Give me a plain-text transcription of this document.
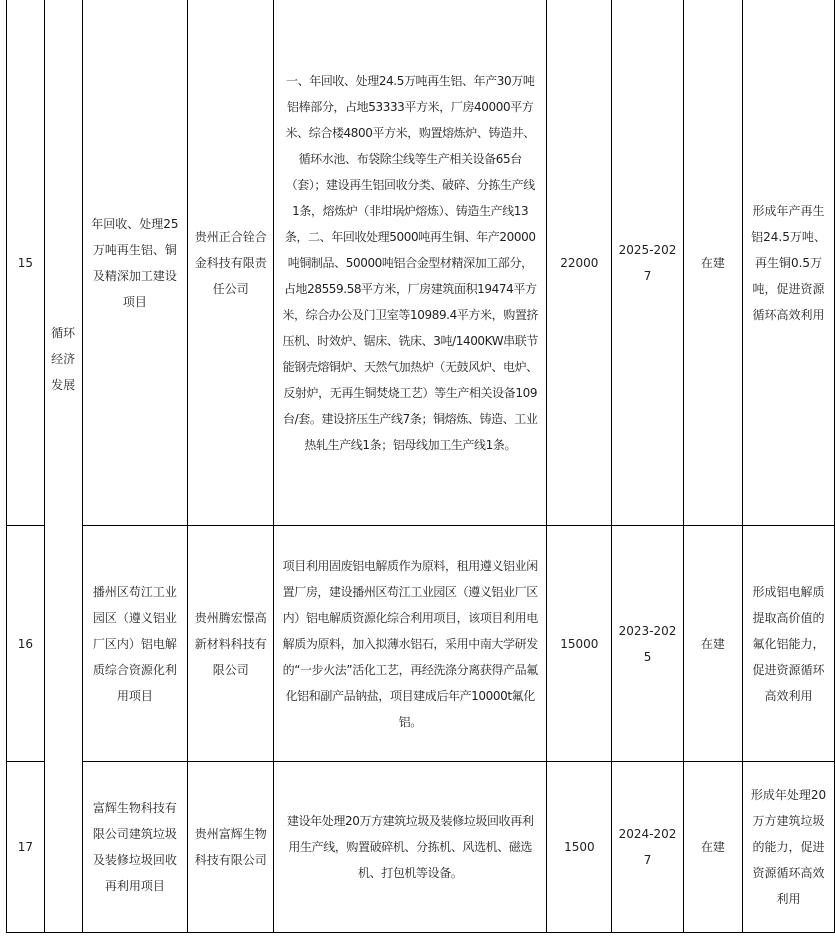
15	循环经济发展	年回收、处理25万吨再生铝、铜及精深加工建设项目	贵州正合铨合金科技有限责任公司	一、年回收、处理24.5万吨再生铝、年产30万吨铝棒部分，占地53333平方米，厂房40000平方米、综合楼4800平方米，购置熔炼炉、铸造井、循环水池、布袋除尘线等生产相关设备65台（套）；建设再生铝回收分类、破碎、分拣生产线1条，熔炼炉（非坩埚炉熔炼）、铸造生产线13条，二、年回收处理5000吨再生铜、年产20000吨铜制品、50000吨铝合金型材精深加工部分，占地28559.58平方米，厂房建筑面积19474平方米，综合办公及门卫室等10989.4平方米，购置挤压机、时效炉、锯床、铣床、3吨/1400KW串联节能钢壳熔铜炉、天然气加热炉（无鼓风炉、电炉、反射炉，无再生铜焚烧工艺）等生产相关设备109台/套。建设挤压生产线7条；铜熔炼、铸造、工业热轧生产线1条；铝母线加工生产线1条。	22000	2025-2027	在建	形成年产再生铝24.5万吨、再生铜0.5万吨，促进资源循环高效利用
16		播州区苟江工业园区（遵义铝业厂区内）铝电解质综合资源化利用项目	贵州腾宏憬高新材料科技有限公司	项目利用固废铝电解质作为原料，租用遵义铝业闲置厂房，建设播州区苟江工业园区（遵义铝业厂区内）铝电解质资源化综合利用项目，该项目利用电解质为原料，加入拟薄水铝石，采用中南大学研发的“一步火法”活化工艺，再经洗涤分离获得产品氟化铝和副产品钠盐，项目建成后年产10000t氟化铝。	15000	2023-2025	在建	形成铝电解质提取高价值的氟化铝能力，促进资源循环高效利用
17		富辉生物科技有限公司建筑垃圾及装修垃圾回收再利用项目	贵州富辉生物科技有限公司	建设年处理20万方建筑垃圾及装修垃圾回收再利用生产线，购置破碎机、分拣机、风选机、磁选机、打包机等设备。	1500	2024-2027	在建	形成年处理20万方建筑垃圾的能力，促进资源循环高效利用
